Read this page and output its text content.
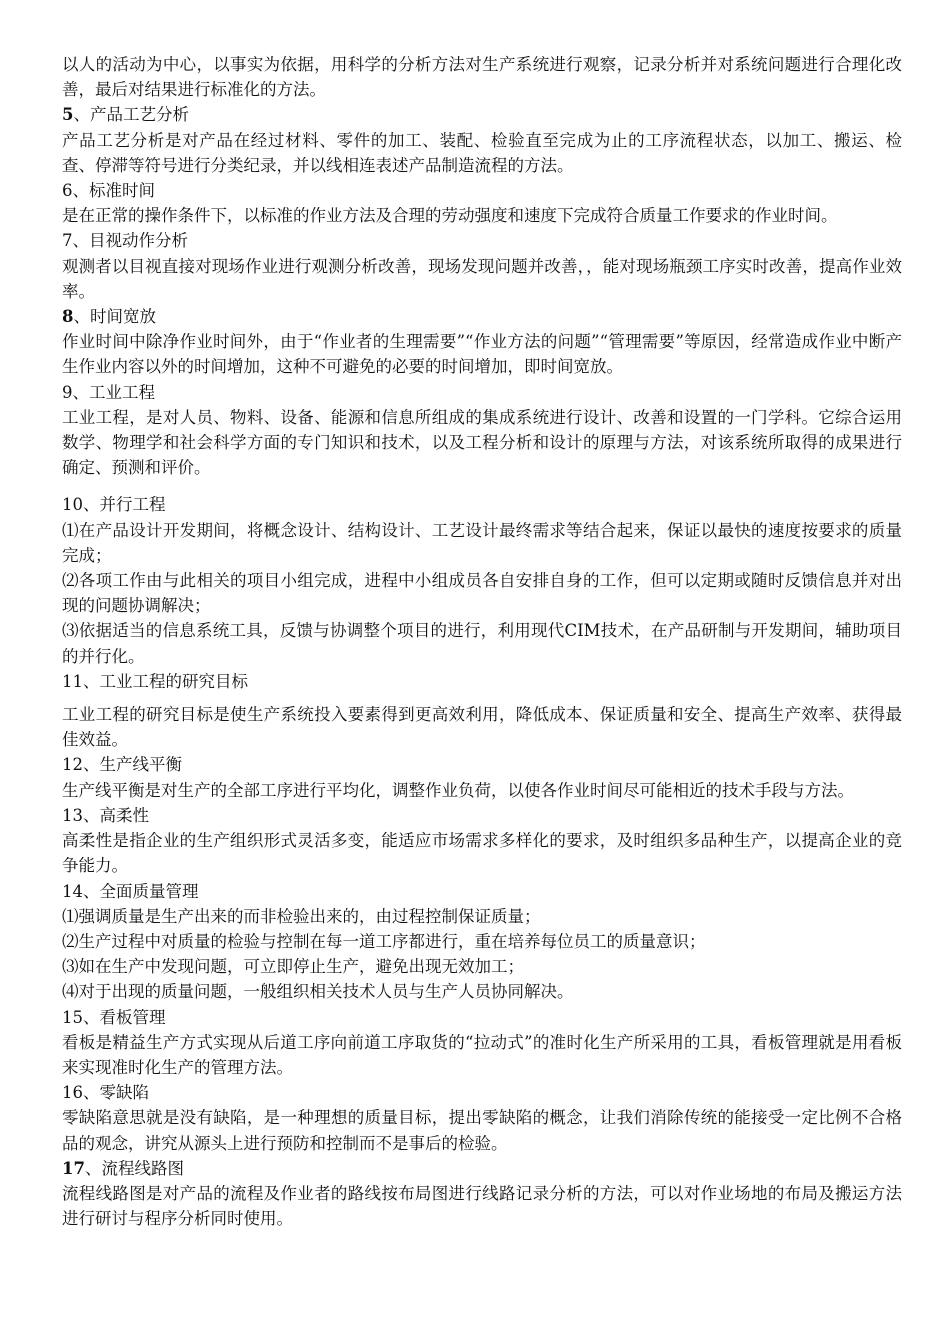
以人的活动为中心，以事实为依据，用科学的分析方法对生产系统进行观察，记录分析并对系统问题进行合理化改善，最后对结果进行标准化的方法。

5、产品工艺分析

产品工艺分析是对产品在经过材料、零件的加工、装配、检验直至完成为止的工序流程状态，以加工、搬运、检查、停滞等符号进行分类纪录，并以线相连表述产品制造流程的方法。

6、标准时间

是在正常的操作条件下，以标准的作业方法及合理的劳动强度和速度下完成符合质量工作要求的作业时间。

7、目视动作分析

观测者以目视直接对现场作业进行观测分析改善，现场发现问题并改善，，能对现场瓶颈工序实时改善，提高作业效率。

8、时间宽放

作业时间中除净作业时间外，由于“作业者的生理需要”“作业方法的问题”“管理需要”等原因，经常造成作业中断产生作业内容以外的时间增加，这种不可避免的必要的时间增加，即时间宽放。

9、工业工程

工业工程，是对人员、物料、设备、能源和信息所组成的集成系统进行设计、改善和设置的一门学科。它综合运用数学、物理学和社会科学方面的专门知识和技术，以及工程分析和设计的原理与方法，对该系统所取得的成果进行确定、预测和评价。

10、并行工程

⑴在产品设计开发期间，将概念设计、结构设计、工艺设计最终需求等结合起来，保证以最快的速度按要求的质量完成；

⑵各项工作由与此相关的项目小组完成，进程中小组成员各自安排自身的工作，但可以定期或随时反馈信息并对出现的问题协调解决；

⑶依据适当的信息系统工具，反馈与协调整个项目的进行，利用现代CIM技术，在产品研制与开发期间，辅助项目的并行化。

11、工业工程的研究目标

工业工程的研究目标是使生产系统投入要素得到更高效利用，降低成本、保证质量和安全、提高生产效率、获得最佳效益。

12、生产线平衡

生产线平衡是对生产的全部工序进行平均化，调整作业负荷，以使各作业时间尽可能相近的技术手段与方法。

13、高柔性

高柔性是指企业的生产组织形式灵活多变，能适应市场需求多样化的要求，及时组织多品种生产，以提高企业的竞争能力。

14、全面质量管理

⑴强调质量是生产出来的而非检验出来的，由过程控制保证质量；

⑵生产过程中对质量的检验与控制在每一道工序都进行，重在培养每位员工的质量意识；

⑶如在生产中发现问题，可立即停止生产，避免出现无效加工；

⑷对于出现的质量问题，一般组织相关技术人员与生产人员协同解决。

15、看板管理

看板是精益生产方式实现从后道工序向前道工序取货的“拉动式”的准时化生产所采用的工具，看板管理就是用看板来实现准时化生产的管理方法。

16、零缺陷

零缺陷意思就是没有缺陷，是一种理想的质量目标，提出零缺陷的概念，让我们消除传统的能接受一定比例不合格品的观念，讲究从源头上进行预防和控制而不是事后的检验。

17、流程线路图

流程线路图是对产品的流程及作业者的路线按布局图进行线路记录分析的方法，可以对作业场地的布局及搬运方法进行研讨与程序分析同时使用。
